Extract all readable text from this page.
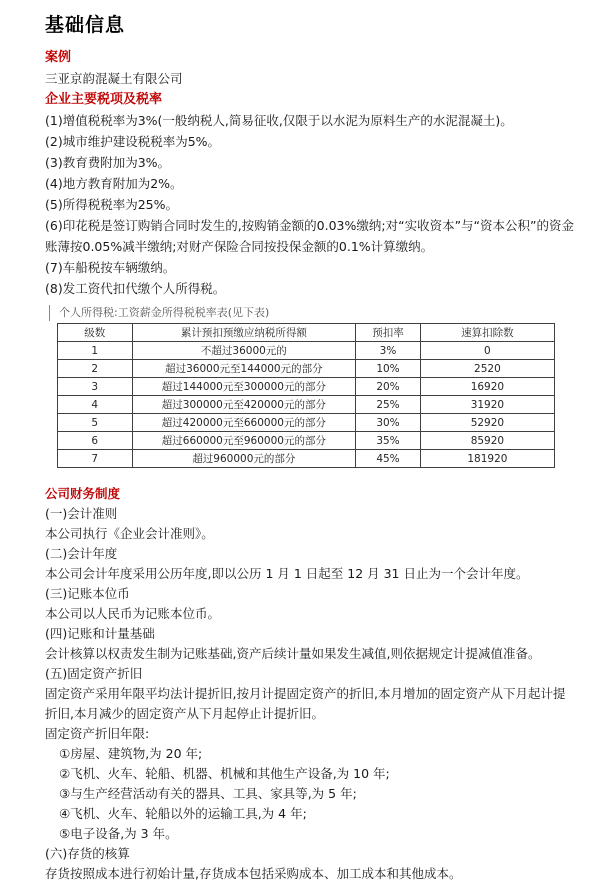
基础信息

案例

三亚京韵混凝土有限公司

企业主要税项及税率

(1)增值税税率为3%(一般纳税人,简易征收,仅限于以水泥为原料生产的水泥混凝土)。

(2)城市维护建设税税率为5%。

(3)教育费附加为3%。

(4)地方教育附加为2%。

(5)所得税税率为25%。

(6)印花税是签订购销合同时发生的,按购销金额的0.03%缴纳;对“实收资本”与“资本公积”的资金账薄按0.05%减半缴纳;对财产保险合同按投保金额的0.1%计算缴纳。

(7)车船税按车辆缴纳。

(8)发工资代扣代缴个人所得税。

个人所得税:工资薪金所得税税率表(见下表)

级数	累计预扣预缴应纳税所得额	预扣率	速算扣除数
1	不超过36000元的	3%	0
2	超过36000元至144000元的部分	10%	2520
3	超过144000元至300000元的部分	20%	16920
4	超过300000元至420000元的部分	25%	31920
5	超过420000元至660000元的部分	30%	52920
6	超过660000元至960000元的部分	35%	85920
7	超过960000元的部分	45%	181920

公司财务制度

(一)会计准则

本公司执行《企业会计准则》。

(二)会计年度

本公司会计年度采用公历年度,即以公历 1 月 1 日起至 12 月 31 日止为一个会计年度。

(三)记账本位币

本公司以人民币为记账本位币。

(四)记账和计量基础

会计核算以权责发生制为记账基础,资产后续计量如果发生减值,则依据规定计提减值准备。

(五)固定资产折旧

固定资产采用年限平均法计提折旧,按月计提固定资产的折旧,本月增加的固定资产从下月起计提折旧,本月减少的固定资产从下月起停止计提折旧。

固定资产折旧年限:

①房屋、建筑物,为 20 年;

②飞机、火车、轮船、机器、机械和其他生产设备,为 10 年;

③与生产经营活动有关的器具、工具、家具等,为 5 年;

④飞机、火车、轮船以外的运输工具,为 4 年;

⑤电子设备,为 3 年。

(六)存货的核算

存货按照成本进行初始计量,存货成本包括采购成本、加工成本和其他成本。
